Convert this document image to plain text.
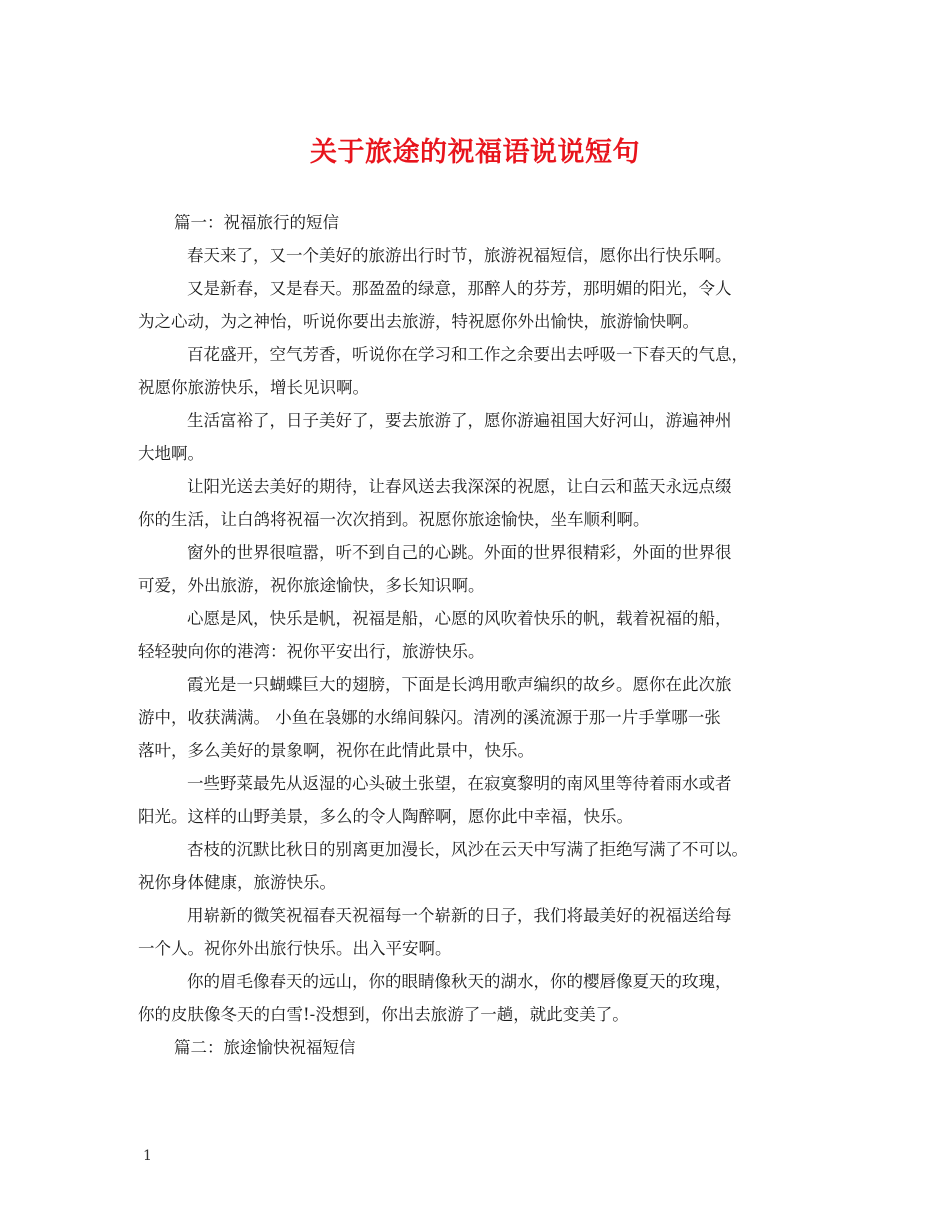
关于旅途的祝福语说说短句

篇一：祝福旅行的短信

春天来了，又一个美好的旅游出行时节，旅游祝福短信，愿你出行快乐啊。

又是新春，又是春天。那盈盈的绿意，那醉人的芬芳，那明媚的阳光，令人
为之心动，为之神怡，听说你要出去旅游，特祝愿你外出愉快，旅游愉快啊。

百花盛开，空气芳香，听说你在学习和工作之余要出去呼吸一下春天的气息，
祝愿你旅游快乐，增长见识啊。

生活富裕了，日子美好了，要去旅游了，愿你游遍祖国大好河山，游遍神州
大地啊。

让阳光送去美好的期待，让春风送去我深深的祝愿，让白云和蓝天永远点缀
你的生活，让白鸽将祝福一次次捎到。祝愿你旅途愉快，坐车顺利啊。

窗外的世界很喧嚣，听不到自己的心跳。外面的世界很精彩，外面的世界很
可爱，外出旅游，祝你旅途愉快，多长知识啊。

心愿是风，快乐是帆，祝福是船，心愿的风吹着快乐的帆，载着祝福的船，
轻轻驶向你的港湾：祝你平安出行，旅游快乐。

霞光是一只蝴蝶巨大的翅膀，下面是长鸿用歌声编织的故乡。愿你在此次旅
游中，收获满满。 小鱼在袅娜的水绵间躲闪。清冽的溪流源于那一片手掌哪一张
落叶，多么美好的景象啊，祝你在此情此景中，快乐。

一些野菜最先从返湿的心头破土张望，在寂寞黎明的南风里等待着雨水或者
阳光。这样的山野美景，多么的令人陶醉啊，愿你此中幸福，快乐。

杏枝的沉默比秋日的别离更加漫长，风沙在云天中写满了拒绝写满了不可以。
祝你身体健康，旅游快乐。

用崭新的微笑祝福春天祝福每一个崭新的日子，我们将最美好的祝福送给每
一个人。祝你外出旅行快乐。出入平安啊。

你的眉毛像春天的远山，你的眼睛像秋天的湖水，你的樱唇像夏天的玫瑰，
你的皮肤像冬天的白雪!-没想到，你出去旅游了一趟，就此变美了。

篇二：旅途愉快祝福短信

1
